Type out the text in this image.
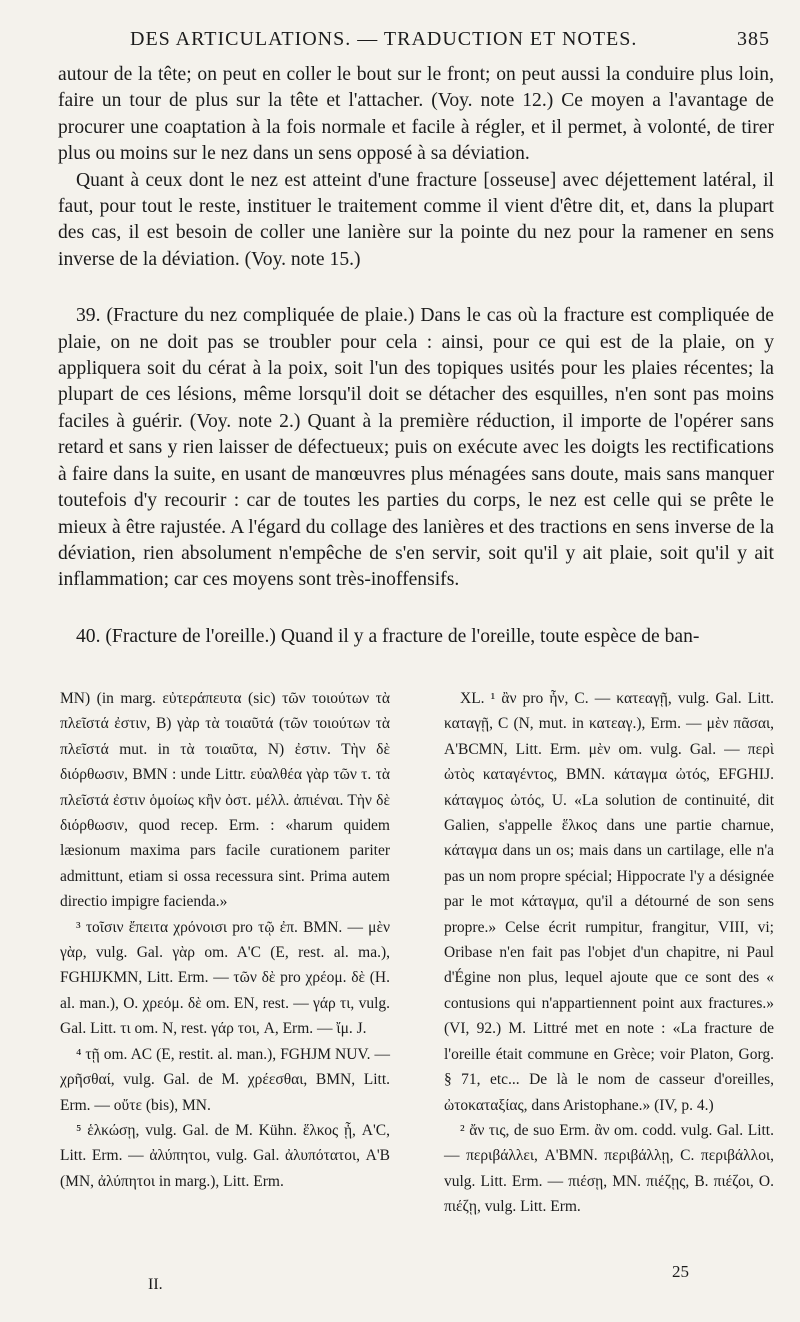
DES ARTICULATIONS. — TRADUCTION ET NOTES.	385

autour de la tête; on peut en coller le bout sur le front; on peut aussi la conduire plus loin, faire un tour de plus sur la tête et l'attacher. (Voy. note 12.) Ce moyen a l'avantage de procurer une coaptation à la fois normale et facile à régler, et il permet, à volonté, de tirer plus ou moins sur le nez dans un sens opposé à sa déviation.

Quant à ceux dont le nez est atteint d'une fracture [osseuse] avec déjettement latéral, il faut, pour tout le reste, instituer le traitement comme il vient d'être dit, et, dans la plupart des cas, il est besoin de coller une lanière sur la pointe du nez pour la ramener en sens inverse de la déviation. (Voy. note 15.)

39. (Fracture du nez compliquée de plaie.) Dans le cas où la fracture est compliquée de plaie, on ne doit pas se troubler pour cela : ainsi, pour ce qui est de la plaie, on y appliquera soit du cérat à la poix, soit l'un des topiques usités pour les plaies récentes; la plupart de ces lésions, même lorsqu'il doit se détacher des esquilles, n'en sont pas moins faciles à guérir. (Voy. note 2.) Quant à la première réduction, il importe de l'opérer sans retard et sans y rien laisser de défectueux; puis on exécute avec les doigts les rectifications à faire dans la suite, en usant de manœuvres plus ménagées sans doute, mais sans manquer toutefois d'y recourir : car de toutes les parties du corps, le nez est celle qui se prête le mieux à être rajustée. A l'égard du collage des lanières et des tractions en sens inverse de la déviation, rien absolument n'empêche de s'en servir, soit qu'il y ait plaie, soit qu'il y ait inflammation; car ces moyens sont très-inoffensifs.

40. (Fracture de l'oreille.) Quand il y a fracture de l'oreille, toute espèce de ban-

MN) (in marg. εὐτεράπευτα (sic) τῶν τοιούτων τὰ πλεῖστά ἐστιν, B) γὰρ τὰ τοιαῦτά (τῶν τοιούτων τὰ πλεῖστά mut. in τὰ τοιαῦτα, N) ἐστιν. Τὴν δὲ διόρθωσιν, BMN : unde Littr. εὐαλθέα γὰρ τῶν τ. τὰ πλεῖστά ἐστιν ὁμοίως κἢν ὀστ. μέλλ. ἀπιέναι. Τὴν δὲ διόρθωσιν, quod recep. Erm. : «harum quidem læsionum maxima pars facile curationem pariter admittunt, etiam si ossa recessura sint. Prima autem directio impigre facienda.»

³ τοῖσιν ἔπειτα χρόνοισι pro τῷ ἐπ. BMN. — μὲν γὰρ, vulg. Gal. γὰρ om. A'C (E, rest. al. ma.), FGHIJKMN, Litt. Erm. — τῶν δὲ pro χρέομ. δὲ (H. al. man.), O. χρεόμ. δὲ om. EN, rest. — γάρ τι, vulg. Gal. Litt. τι om. N, rest. γάρ τοι, A, Erm. — ἴμ. J.

⁴ τῇ om. AC (E, restit. al. man.), FGHJM NUV. — χρῆσθαί, vulg. Gal. de M. χρέεσθαι, BMN, Litt. Erm. — οὔτε (bis), MN.

⁵ ἑλκώσῃ, vulg. Gal. de M. Kühn. ἕλκος ᾖ, A'C, Litt. Erm. — ἀλύπητοι, vulg. Gal. ἀλυπότατοι, A'B (MN, ἀλύπητοι in marg.), Litt. Erm.

XL. ¹ ἂν pro ἦν, C. — κατεαγῇ, vulg. Gal. Litt. καταγῇ, C (N, mut. in κατεαγ.), Erm. — μὲν πᾶσαι, A'BCMN, Litt. Erm. μὲν om. vulg. Gal. — περὶ ὠτὸς καταγέντος, BMN. κάταγμα ὠτός, EFGHIJ. κάταγμος ὠτός, U. «La solution de continuité, dit Galien, s'appelle ἕλκος dans une partie charnue, κάταγμα dans un os; mais dans un cartilage, elle n'a pas un nom propre spécial; Hippocrate l'y a désignée par le mot κάταγμα, qu'il a détourné de son sens propre.» Celse écrit rumpitur, frangitur, VIII, vi; Oribase n'en fait pas l'objet d'un chapitre, ni Paul d'Égine non plus, lequel ajoute que ce sont des « contusions qui n'appartiennent point aux fractures.» (VI, 92.) M. Littré met en note : «La fracture de l'oreille était commune en Grèce; voir Platon, Gorg. § 71, etc... De là le nom de casseur d'oreilles, ὠτοκαταξίας, dans Aristophane.» (IV, p. 4.)

² ἄν τις, de suo Erm. ἂν om. codd. vulg. Gal. Litt. — περιβάλλει, A'BMN. περιβάλλῃ, C. περιβάλλοι, vulg. Litt. Erm. — πιέσῃ, MN. πιέζῃς, B. πιέζοι, O. πιέζῃ, vulg. Litt. Erm.

II.
25
